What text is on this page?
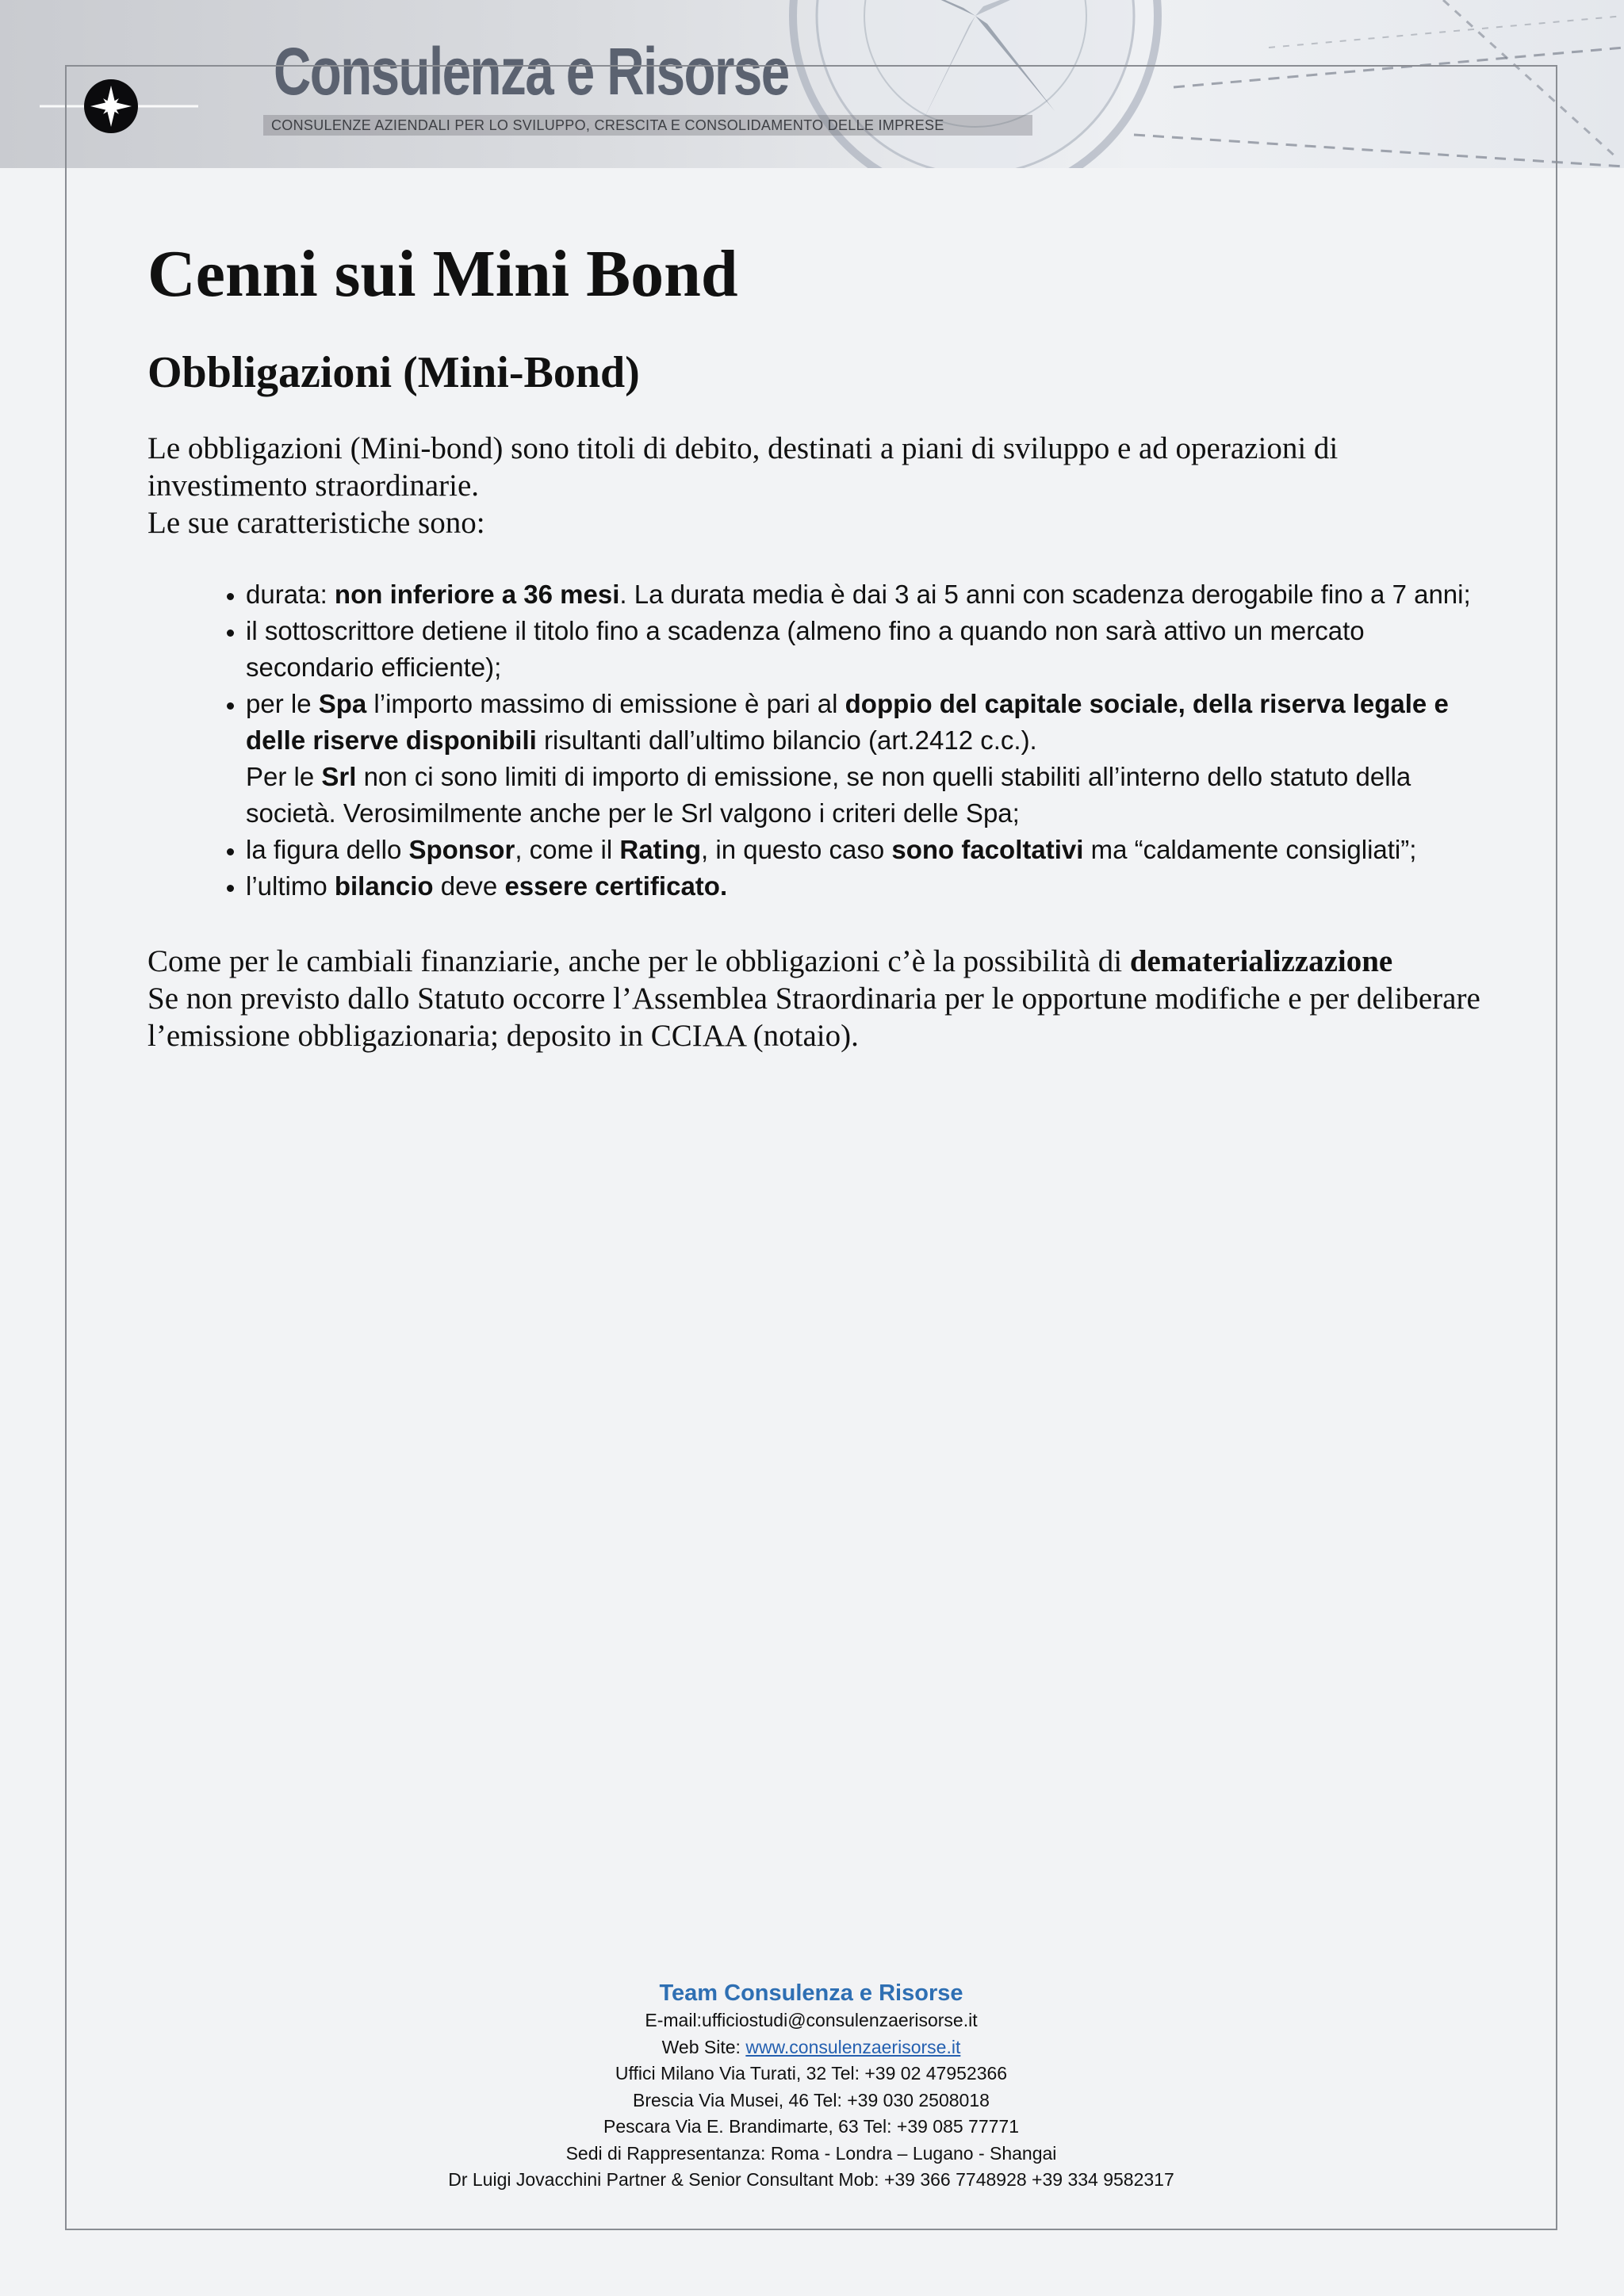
Consulenza e Risorse
CONSULENZE AZIENDALI PER LO SVILUPPO, CRESCITA E CONSOLIDAMENTO DELLE IMPRESE
Cenni sui Mini Bond
Obbligazioni (Mini-Bond)

Le obbligazioni (Mini-bond) sono titoli di debito, destinati a piani di sviluppo e ad operazioni di investimento straordinarie.
Le sue caratteristiche sono:

• durata: non inferiore a 36 mesi. La durata media è dai 3 ai 5 anni con scadenza derogabile fino a 7 anni;
• il sottoscrittore detiene il titolo fino a scadenza (almeno fino a quando non sarà attivo un mercato secondario efficiente);
• per le Spa l’importo massimo di emissione è pari al doppio del capitale sociale, della riserva legale e delle riserve disponibili risultanti dall’ultimo bilancio (art.2412 c.c.).
Per le Srl non ci sono limiti di importo di emissione, se non quelli stabiliti all’interno dello statuto della società. Verosimilmente anche per le Srl valgono i criteri delle Spa;
• la figura dello Sponsor, come il Rating, in questo caso sono facoltativi ma “caldamente consigliati”;
• l’ultimo bilancio deve essere certificato.

Come per le cambiali finanziarie, anche per le obbligazioni c’è la possibilità di dematerializzazione
Se non previsto dallo Statuto occorre l’Assemblea Straordinaria per le opportune modifiche e per deliberare l’emissione obbligazionaria; deposito in CCIAA (notaio).

Team Consulenza e Risorse
E-mail:ufficiostudi@consulenzaerisorse.it
Web Site: www.consulenzaerisorse.it
Uffici Milano Via Turati, 32 Tel: +39 02 47952366
Brescia Via Musei, 46 Tel: +39 030 2508018
Pescara Via E. Brandimarte, 63 Tel: +39 085 77771
Sedi di Rappresentanza: Roma - Londra – Lugano - Shangai
Dr Luigi Jovacchini Partner & Senior Consultant Mob: +39 366 7748928 +39 334 9582317
